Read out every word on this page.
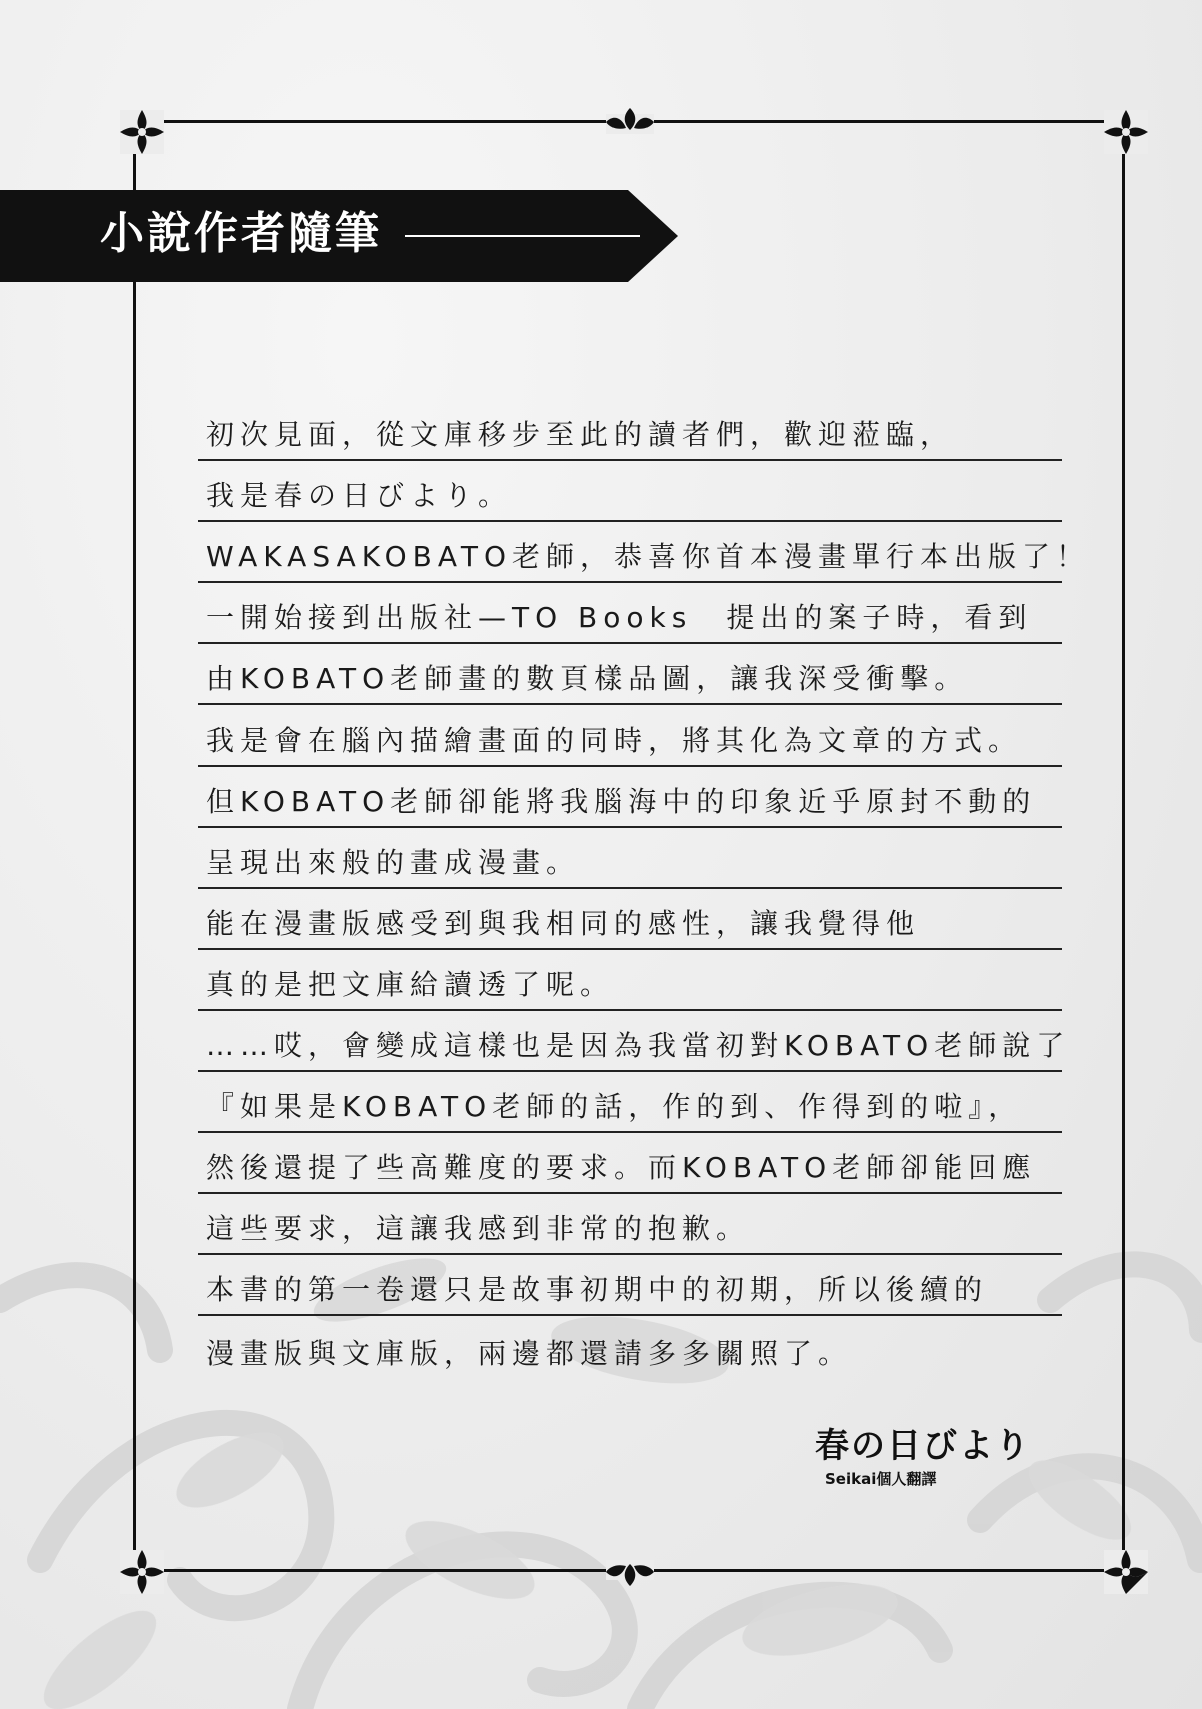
小說作者隨筆
初次見面，從文庫移步至此的讀者們，歡迎蒞臨，
我是春の日びより。
WAKASAKOBATO老師，恭喜你首本漫畫單行本出版了！
一開始接到出版社—TO Books　提出的案子時，看到
由KOBATO老師畫的數頁樣品圖，讓我深受衝擊。
我是會在腦內描繪畫面的同時，將其化為文章的方式。
但KOBATO老師卻能將我腦海中的印象近乎原封不動的
呈現出來般的畫成漫畫。
能在漫畫版感受到與我相同的感性，讓我覺得他
真的是把文庫給讀透了呢。
……哎，會變成這樣也是因為我當初對KOBATO老師說了
『如果是KOBATO老師的話，作的到、作得到的啦』，
然後還提了些高難度的要求。而KOBATO老師卻能回應
這些要求，這讓我感到非常的抱歉。
本書的第一卷還只是故事初期中的初期，所以後續的
漫畫版與文庫版，兩邊都還請多多關照了。
春の日びより
Seikai個人翻譯
